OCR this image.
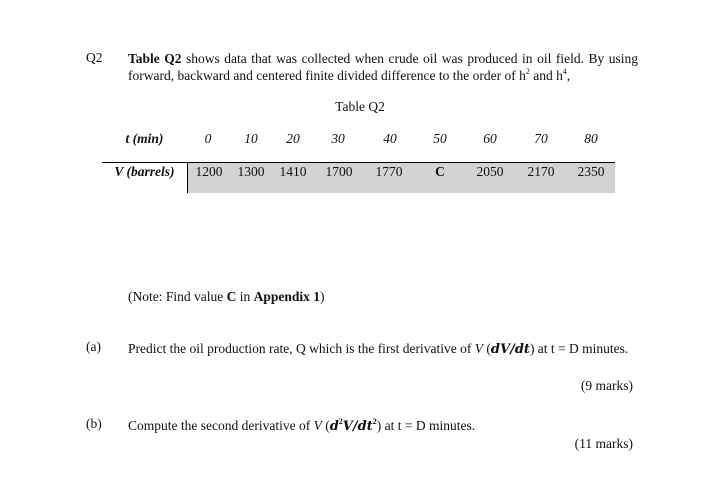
Q2 Table Q2 shows data that was collected when crude oil was produced in oil field. By using forward, backward and centered finite divided difference to the order of $h^2$ and $h^4$,
Table Q2
t (min)	0	10	20	30	40	50	60	70	80
V (barrels)	1200	1300	1410	1700	1770	C	2050	2170	2350
(Note: Find value C in Appendix 1)
(a) Predict the oil production rate, Q which is the first derivative of V (dV/dt) at t = D minutes.
(9 marks)
(b) Compute the second derivative of V $(d^2V/dt^2)$ at t = D minutes.
(11 marks)
